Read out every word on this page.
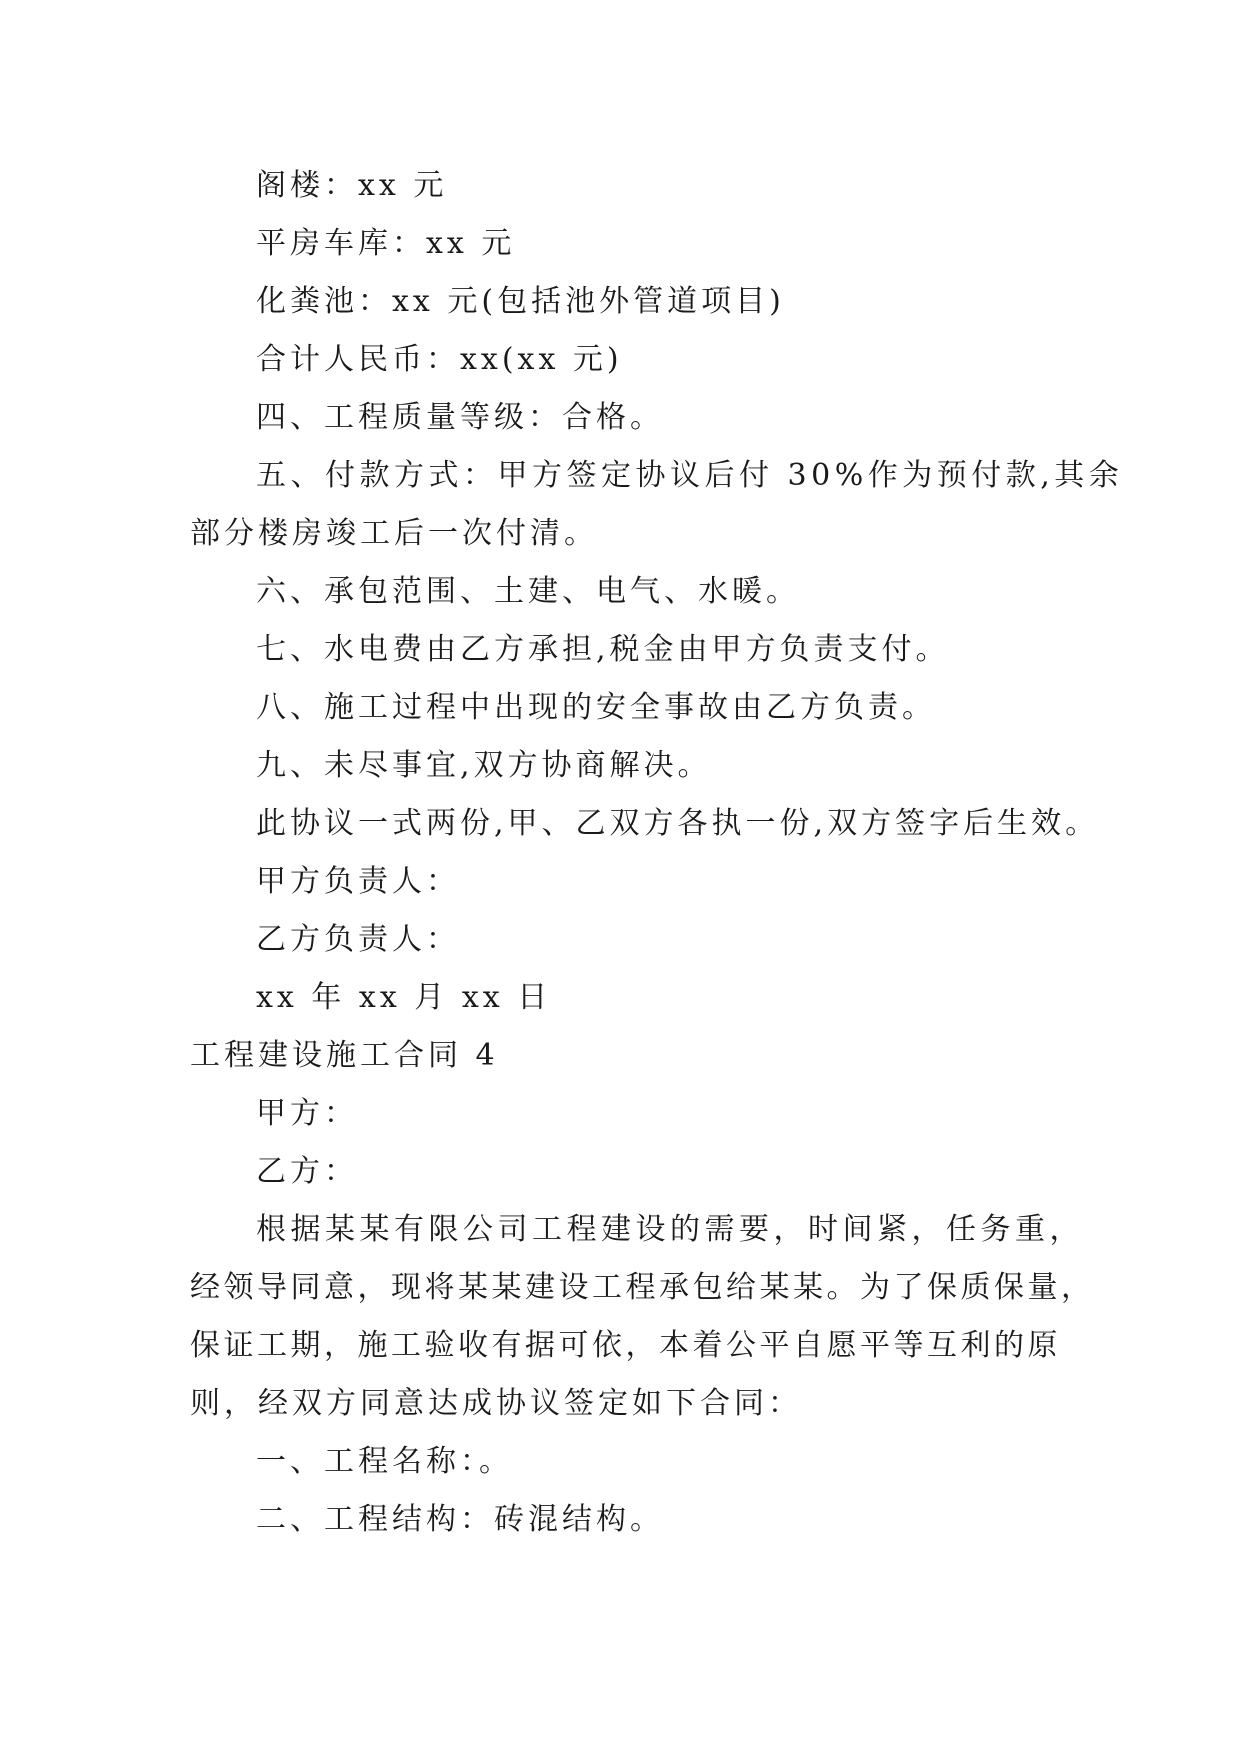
阁楼：xx 元
平房车库：xx 元
化粪池：xx 元(包括池外管道项目)
合计人民币：xx(xx 元)
四、工程质量等级：合格。
五、付款方式：甲方签定协议后付 30%作为预付款,其余
部分楼房竣工后一次付清。
六、承包范围、土建、电气、水暖。
七、水电费由乙方承担,税金由甲方负责支付。
八、施工过程中出现的安全事故由乙方负责。
九、未尽事宜,双方协商解决。
此协议一式两份,甲、乙双方各执一份,双方签字后生效。
甲方负责人：
乙方负责人：
xx 年 xx 月 xx 日
工程建设施工合同 4
甲方：
乙方：
根据某某有限公司工程建设的需要，时间紧，任务重，
经领导同意，现将某某建设工程承包给某某。为了保质保量，
保证工期，施工验收有据可依，本着公平自愿平等互利的原
则，经双方同意达成协议签定如下合同：
一、工程名称：。
二、工程结构：砖混结构。
